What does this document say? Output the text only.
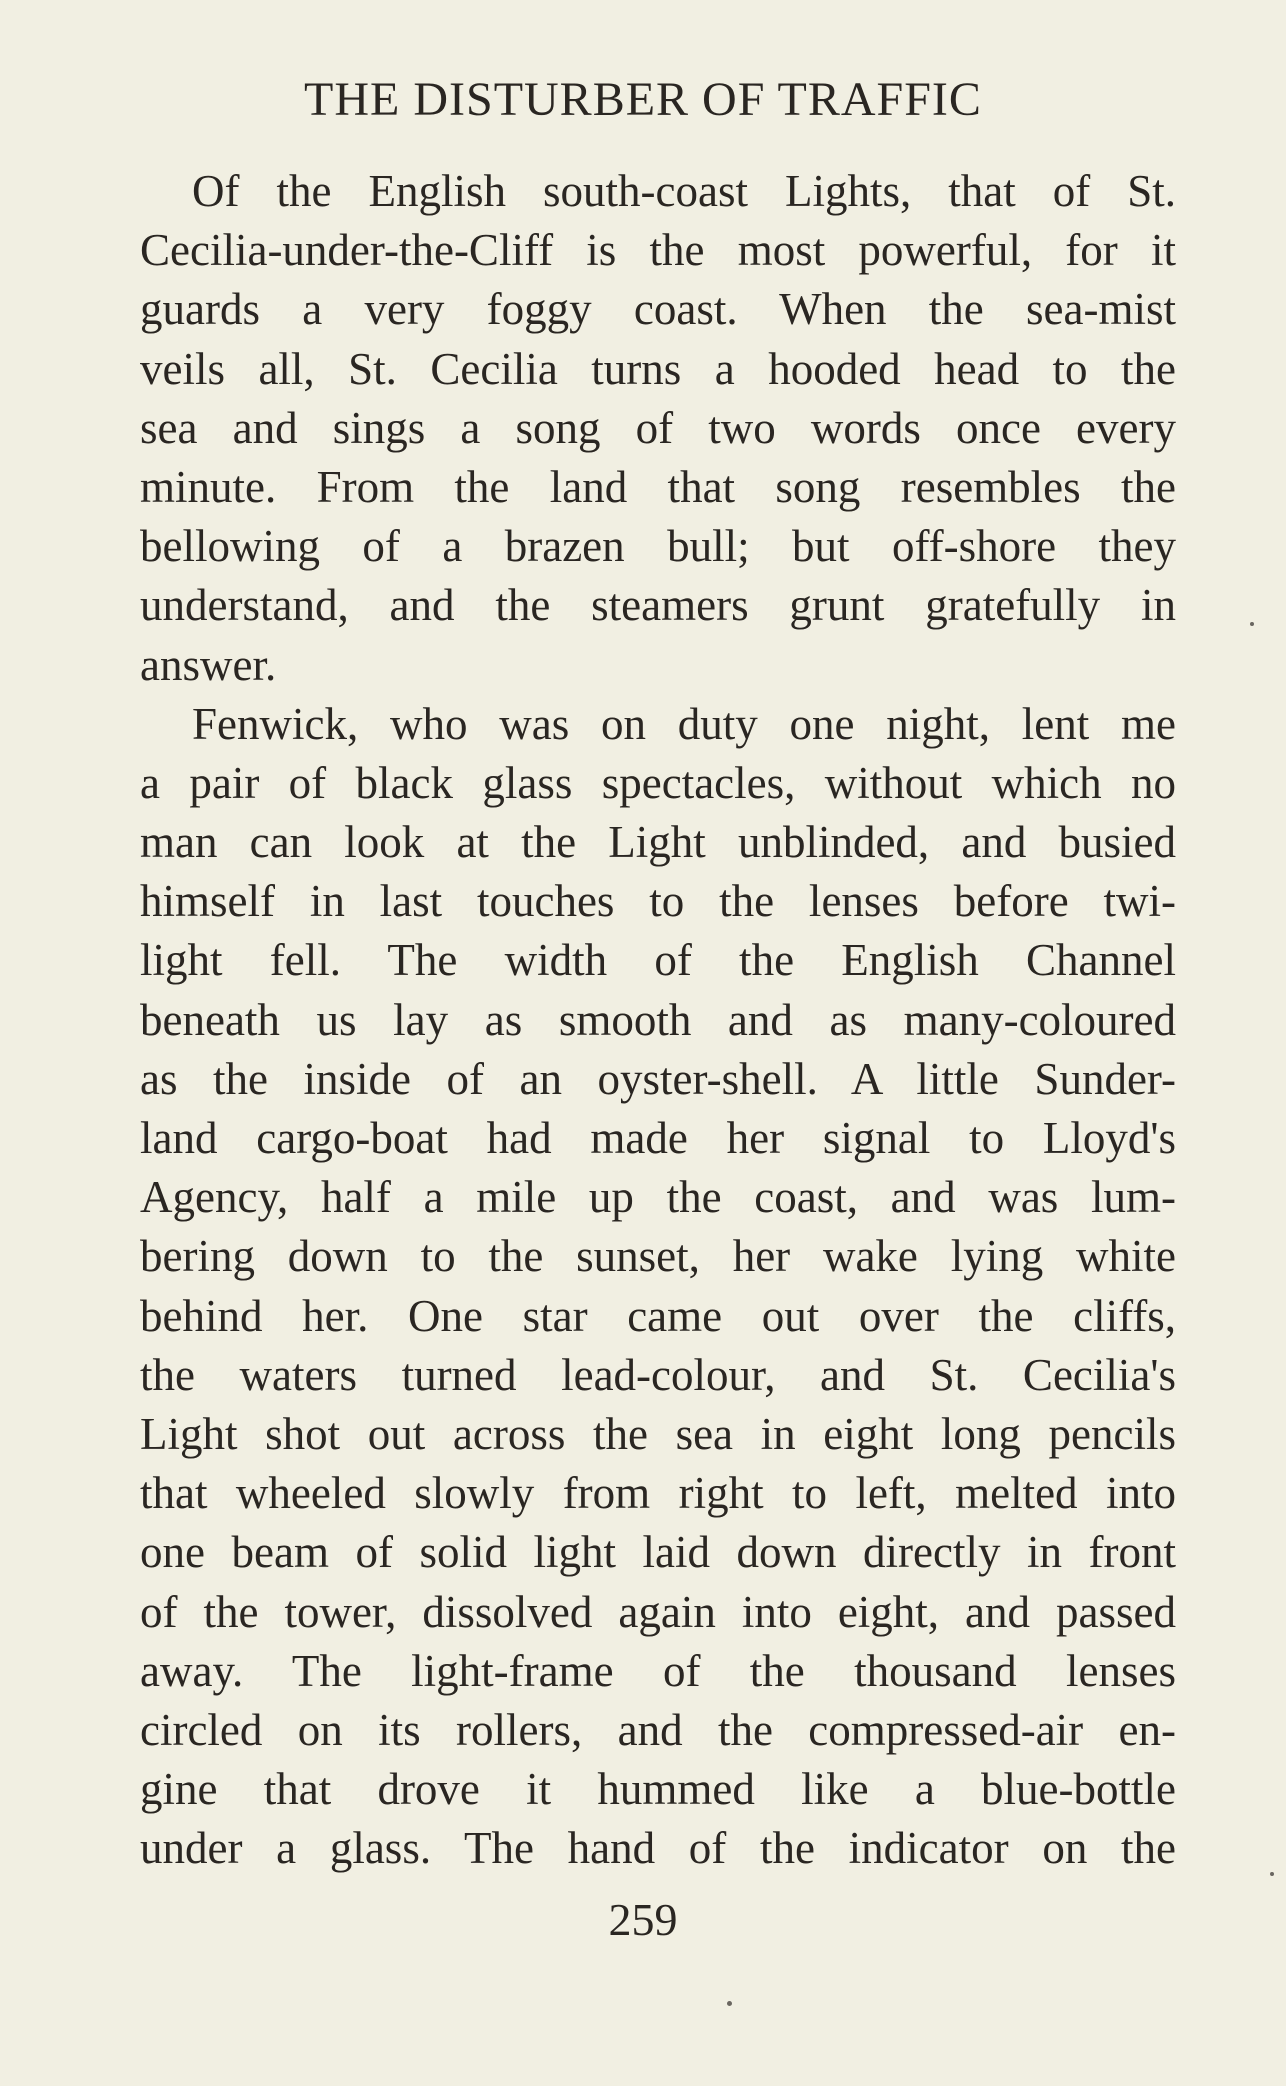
THE DISTURBER OF TRAFFIC
Of the English south-coast Lights, that of St.
Cecilia-under-the-Cliff is the most powerful, for it
guards a very foggy coast. When the sea-mist
veils all, St. Cecilia turns a hooded head to the
sea and sings a song of two words once every
minute. From the land that song resembles the
bellowing of a brazen bull; but off-shore they
understand, and the steamers grunt gratefully in
answer.
Fenwick, who was on duty one night, lent me
a pair of black glass spectacles, without which no
man can look at the Light unblinded, and busied
himself in last touches to the lenses before twi-
light fell. The width of the English Channel
beneath us lay as smooth and as many-coloured
as the inside of an oyster-shell. A little Sunder-
land cargo-boat had made her signal to Lloyd's
Agency, half a mile up the coast, and was lum-
bering down to the sunset, her wake lying white
behind her. One star came out over the cliffs,
the waters turned lead-colour, and St. Cecilia's
Light shot out across the sea in eight long pencils
that wheeled slowly from right to left, melted into
one beam of solid light laid down directly in front
of the tower, dissolved again into eight, and passed
away. The light-frame of the thousand lenses
circled on its rollers, and the compressed-air en-
gine that drove it hummed like a blue-bottle
under a glass. The hand of the indicator on the
259
